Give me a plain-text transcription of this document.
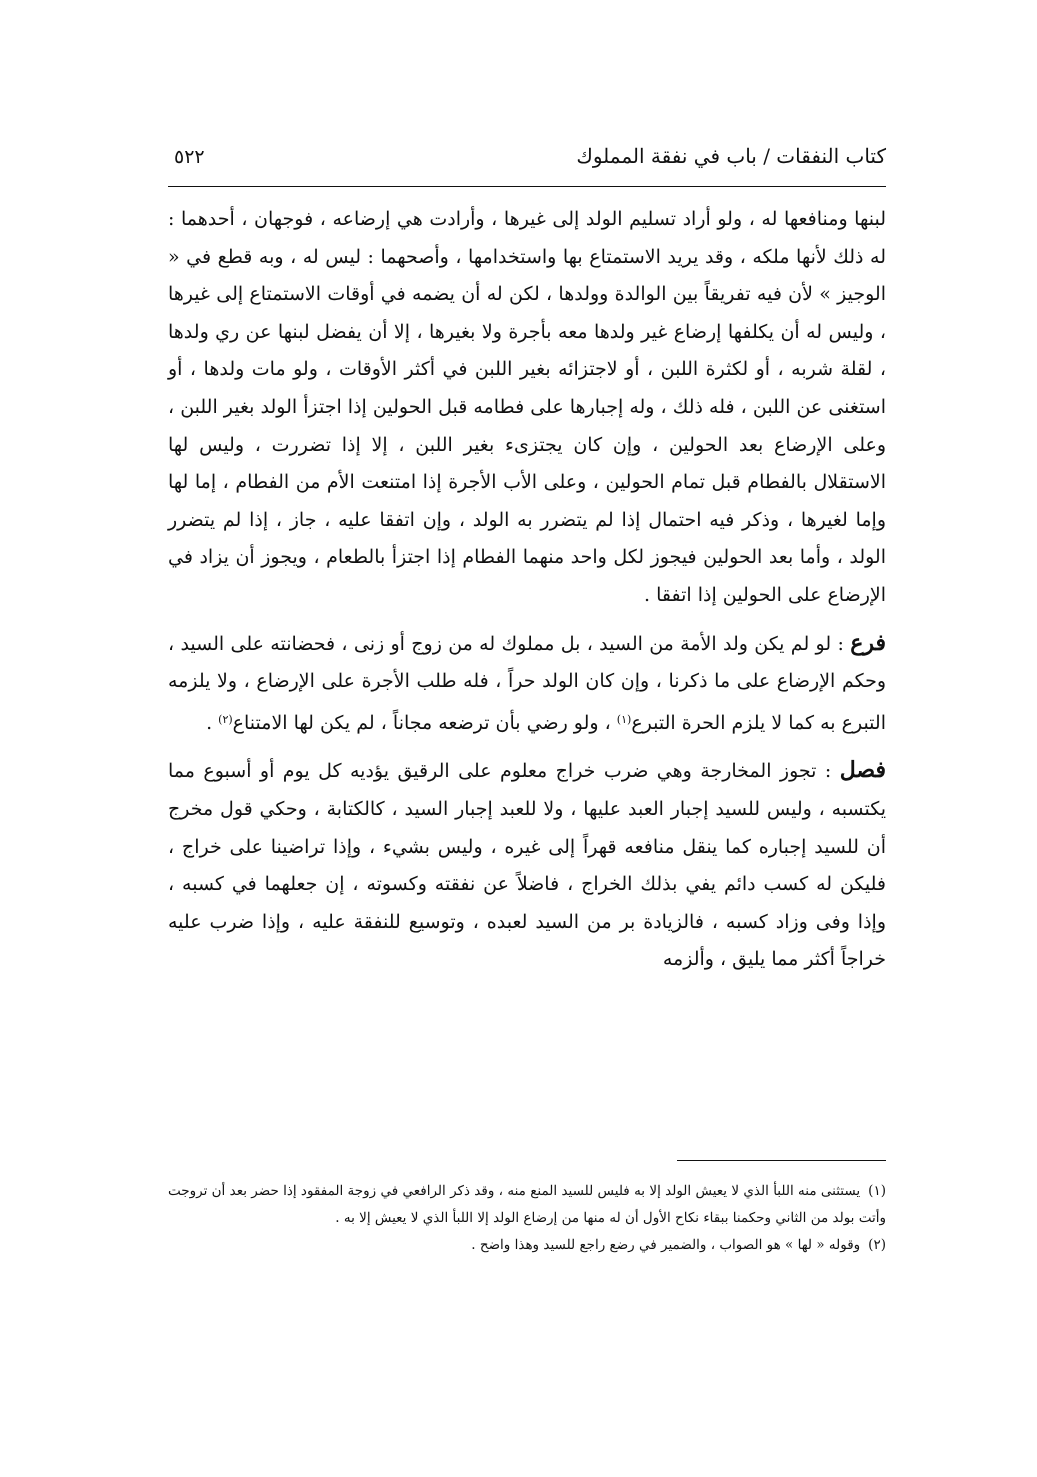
كتاب النفقات / باب في نفقة المملوك
٥٢٢

لبنها ومنافعها له ، ولو أراد تسليم الولد إلى غيرها ، وأرادت هي إرضاعه ، فوجهان ، أحدهما : له ذلك لأنها ملكه ، وقد يريد الاستمتاع بها واستخدامها ، وأصحهما : ليس له ، وبه قطع في « الوجيز » لأن فيه تفريقاً بين الوالدة وولدها ، لكن له أن يضمه في أوقات الاستمتاع إلى غيرها ، وليس له أن يكلفها إرضاع غير ولدها معه بأجرة ولا بغيرها ، إلا أن يفضل لبنها عن ري ولدها ، لقلة شربه ، أو لكثرة اللبن ، أو لاجتزائه بغير اللبن في أكثر الأوقات ، ولو مات ولدها ، أو استغنى عن اللبن ، فله ذلك ، وله إجبارها على فطامه قبل الحولين إذا اجتزأ الولد بغير اللبن ، وعلى الإرضاع بعد الحولين ، وإن كان يجتزىء بغير اللبن ، إلا إذا تضررت ، وليس لها الاستقلال بالفطام قبل تمام الحولين ، وعلى الأب الأجرة إذا امتنعت الأم من الفطام ، إما لها وإما لغيرها ، وذكر فيه احتمال إذا لم يتضرر به الولد ، وإن اتفقا عليه ، جاز ، إذا لم يتضرر الولد ، وأما بعد الحولين فيجوز لكل واحد منهما الفطام إذا اجتزأ بالطعام ، ويجوز أن يزاد في الإرضاع على الحولين إذا اتفقا .

فرع : لو لم يكن ولد الأمة من السيد ، بل مملوك له من زوج أو زنى ، فحضانته على السيد ، وحكم الإرضاع على ما ذكرنا ، وإن كان الولد حراً ، فله طلب الأجرة على الإرضاع ، ولا يلزمه التبرع به كما لا يلزم الحرة التبرع$^{(١)}$ ، ولو رضي بأن ترضعه مجاناً ، لم يكن لها الامتناع$^{(٢)}$ .

فصل : تجوز المخارجة وهي ضرب خراج معلوم على الرقيق يؤديه كل يوم أو أسبوع مما يكتسبه ، وليس للسيد إجبار العبد عليها ، ولا للعبد إجبار السيد ، كالكتابة ، وحكي قول مخرج أن للسيد إجباره كما ينقل منافعه قهراً إلى غيره ، وليس بشيء ، وإذا تراضينا على خراج ، فليكن له كسب دائم يفي بذلك الخراج ، فاضلاً عن نفقته وكسوته ، إن جعلهما في كسبه ، وإذا وفى وزاد كسبه ، فالزيادة بر من السيد لعبده ، وتوسيع للنفقة عليه ، وإذا ضرب عليه خراجاً أكثر مما يليق ، وألزمه

(١)يستثنى منه اللبأ الذي لا يعيش الولد إلا به فليس للسيد المنع منه ، وقد ذكر الرافعي في زوجة المفقود إذا حضر بعد أن تروجت وأتت بولد من الثاني وحكمنا ببقاء نكاح الأول أن له منها من إرضاع الولد إلا اللبأ الذي لا يعيش إلا به .

(٢)وقوله « لها » هو الصواب ، والضمير في رضع راجع للسيد وهذا واضح .
